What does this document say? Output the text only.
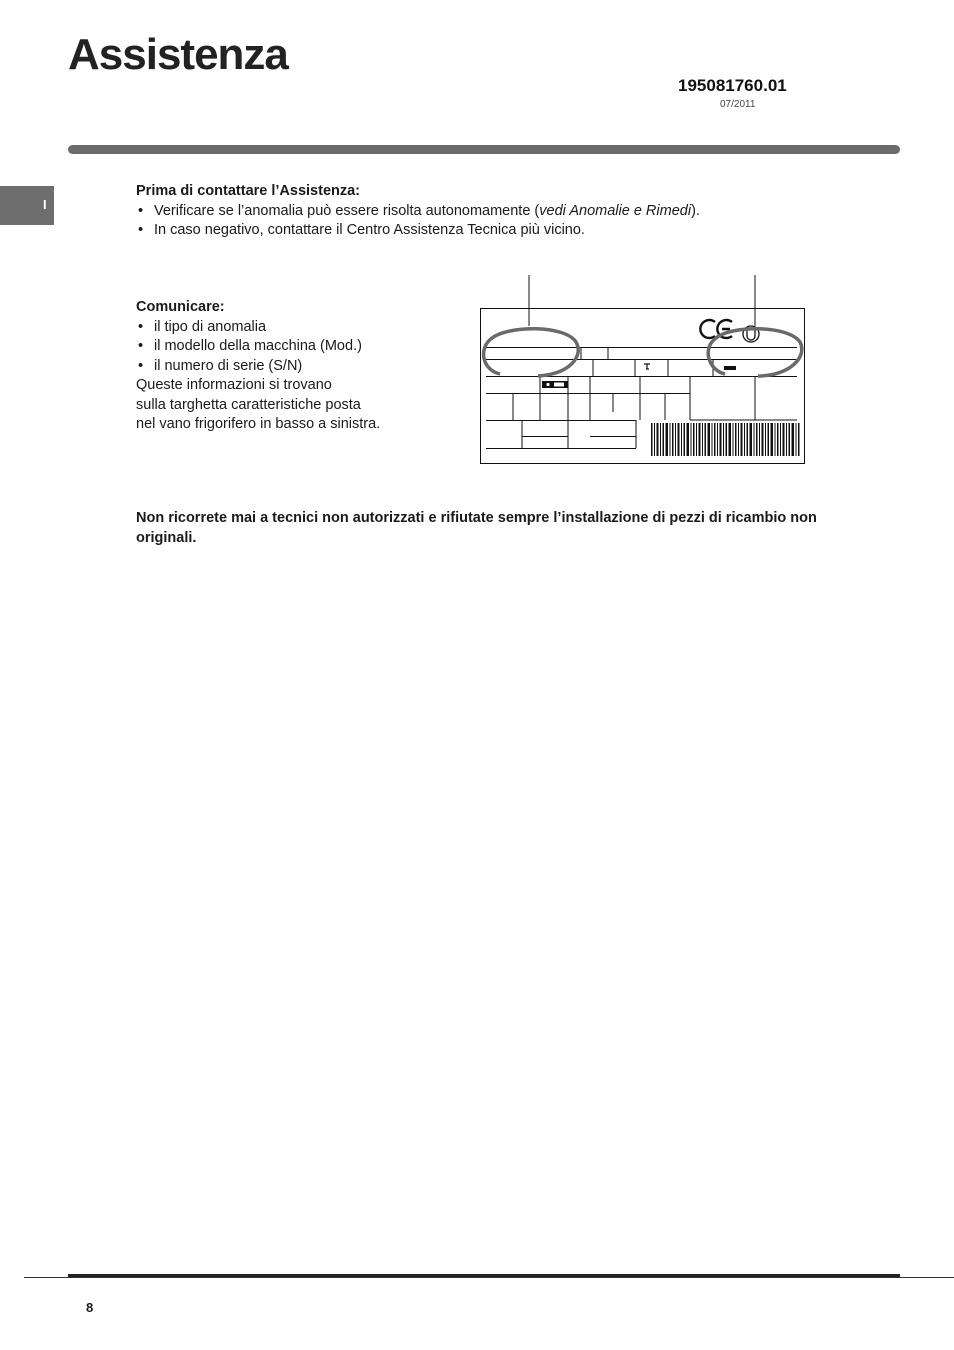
Assistenza
195081760.01
07/2011
I
Prima di contattare l’Assistenza:
• Verificare se l’anomalia può essere risolta autonomamente (vedi Anomalie e Rimedi).
• In caso negativo, contattare il Centro Assistenza Tecnica più vicino.
Comunicare:
• il tipo di anomalia
• il modello della macchina (Mod.)
• il numero di serie (S/N)
Queste informazioni si trovano
sulla targhetta caratteristiche posta
nel vano frigorifero in basso a sinistra.
Non ricorrete mai a tecnici non autorizzati e rifiutate sempre l’installazione di pezzi di ricambio non originali.
8
